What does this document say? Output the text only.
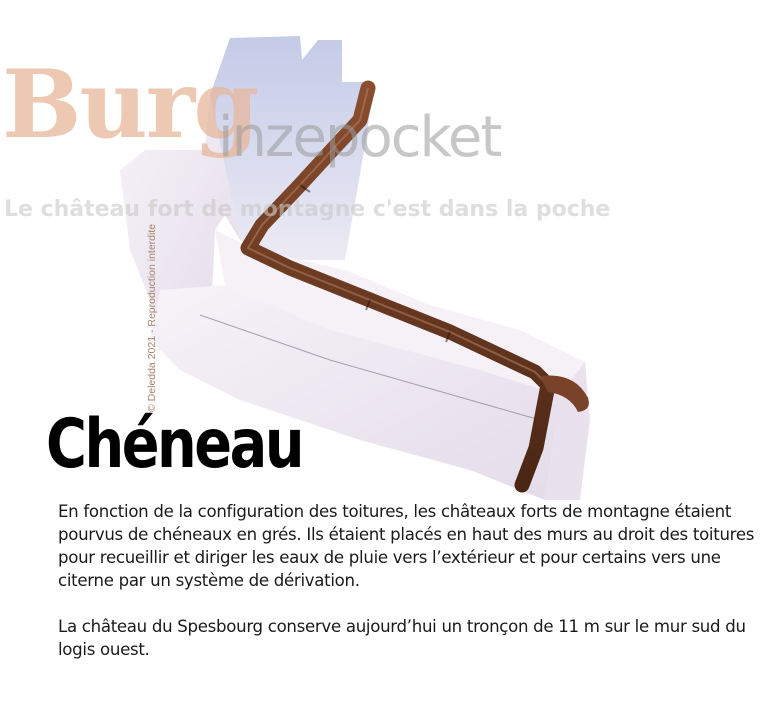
Burg
inzepocket
Le château fort de montagne c'est dans la poche
© Deledda 2021 - Reproduction interdite
Chéneau

En fonction de la configuration des toitures, les châteaux forts de montagne étaient pourvus de chéneaux en grés. Ils étaient placés en haut des murs au droit des toitures pour recueillir et diriger les eaux de pluie vers l’extérieur et pour certains vers une citerne par un système de dérivation.

La château du Spesbourg conserve aujourd’hui un tronçon de 11 m sur le mur sud du logis ouest.
